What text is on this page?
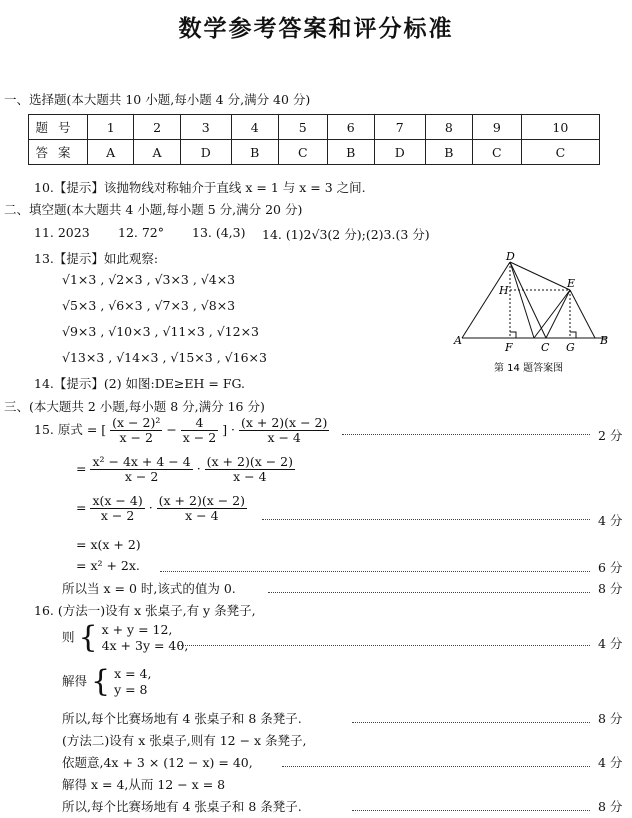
数学参考答案和评分标准
一、选择题(本大题共 10 小题,每小题 4 分,满分 40 分)
题号	1	2	3	4	5	6	7	8	9	10
答案	A	A	D	B	C	B	D	B	C	C
10.【提示】该抛物线对称轴介于直线 x = 1 与 x = 3 之间.
二、填空题(本大题共 4 小题,每小题 5 分,满分 20 分)
11. 2023 12. 72° 13. (4,3) 14. (1)2√3(2 分);(2)3.(3 分)
13.【提示】如此观察:
√1×3 , √2×3 , √3×3 , √4×3
√5×3 , √6×3 , √7×3 , √8×3
√9×3 , √10×3 , √11×3 , √12×3
√13×3 , √14×3 , √15×3 , √16×3
14.【提示】(2) 如图:DE≥EH = FG.
A	B
D
E
H
F	C G
第 14 题答案图
三、(本大题共 2 小题,每小题 8 分,满分 16 分)
15. 原式 = [ $\frac{\text{(x − 2)²}}{x - 2} - \frac{4}{x - 2}$ ] · $\frac{(x + 2)(x - 2)}{x - 4}$	2 分
= $\frac{\text{x² − 4x + 4 − 4}}{x - 2} \cdot \frac{(x + 2)(x - 2)}{x - 4}$
= $\frac{x(x - 4)}{x - 2} \cdot \frac{(x + 2)(x - 2)}{x - 4}$	4 分
= x(x + 2)
= x² + 2x.	6 分
所以当 x = 0 时,该式的值为 0.	8 分
16. (方法一)设有 x 张桌子,有 y 条凳子,
则 { x + y = 12,
4x + 3y = 40,	4 分
解得 { x = 4,
y = 8
所以,每个比赛场地有 4 张桌子和 8 条凳子.	8 分
(方法二)设有 x 张桌子,则有 12 − x 条凳子,
依题意,4x + 3 × (12 − x) = 40,	4 分
解得 x = 4,从而 12 − x = 8
所以,每个比赛场地有 4 张桌子和 8 条凳子.	8 分
